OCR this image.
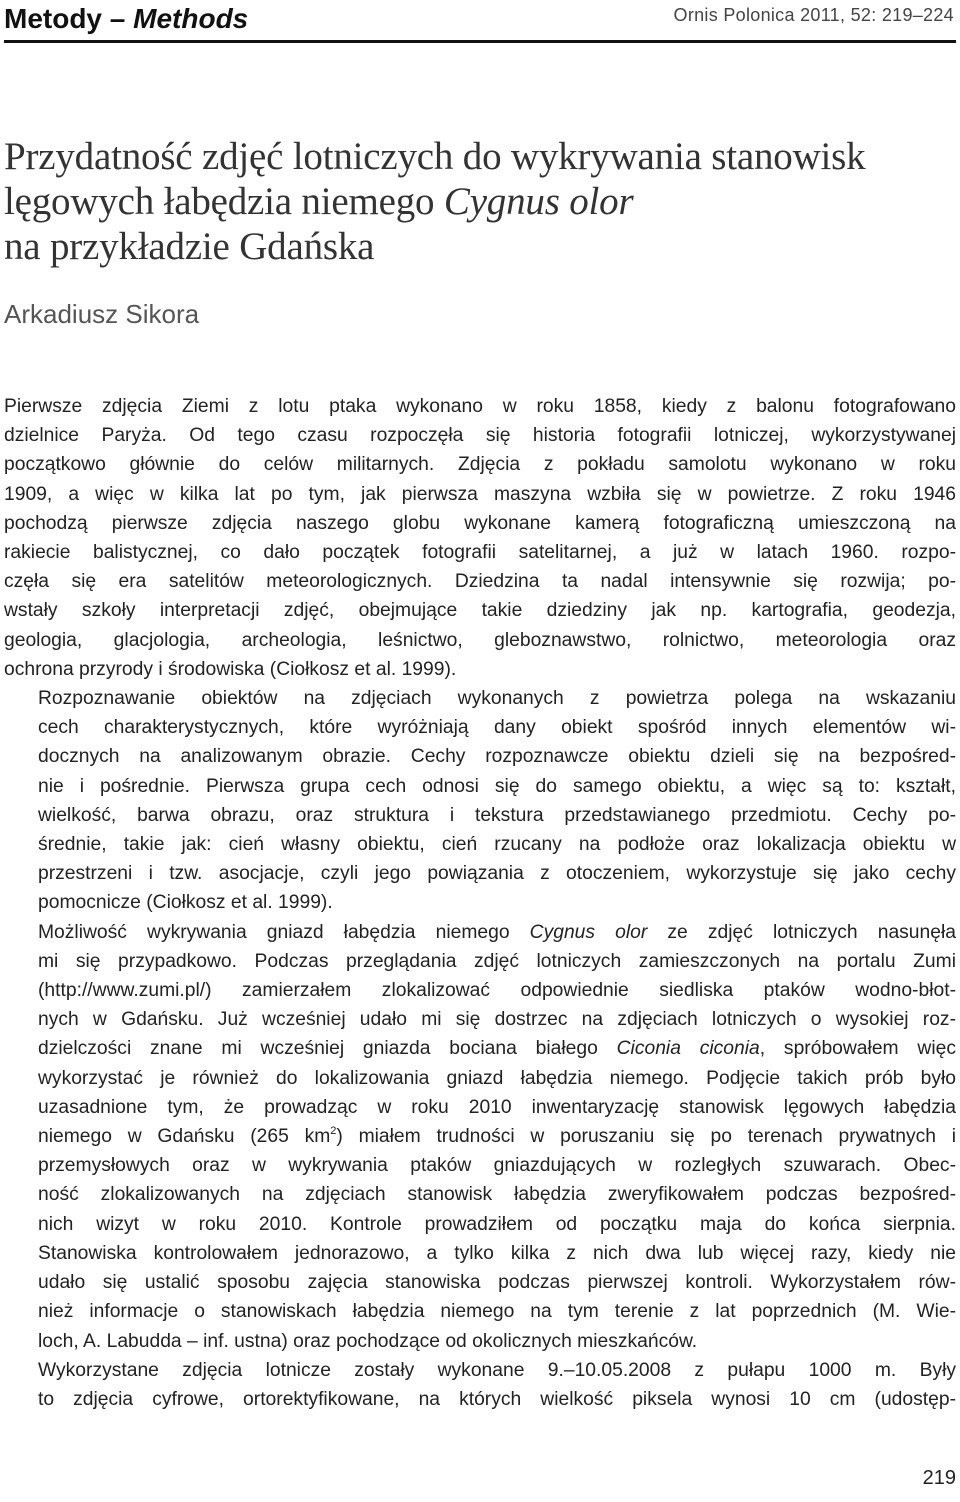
Metody – Methods	Ornis Polonica 2011, 52: 219–224
Przydatność zdjęć lotniczych do wykrywania stanowisk
lęgowych łabędzia niemego Cygnus olor
na przykładzie Gdańska
Arkadiusz Sikora

Pierwsze zdjęcia Ziemi z lotu ptaka wykonano w roku 1858, kiedy z balonu fotografowano
dzielnice Paryża. Od tego czasu rozpoczęła się historia fotografii lotniczej, wykorzystywanej
początkowo głównie do celów militarnych. Zdjęcia z pokładu samolotu wykonano w roku
1909, a więc w kilka lat po tym, jak pierwsza maszyna wzbiła się w powietrze. Z roku 1946
pochodzą pierwsze zdjęcia naszego globu wykonane kamerą fotograficzną umieszczoną na
rakiecie balistycznej, co dało początek fotografii satelitarnej, a już w latach 1960. rozpo-
częła się era satelitów meteorologicznych. Dziedzina ta nadal intensywnie się rozwija; po-
wstały szkoły interpretacji zdjęć, obejmujące takie dziedziny jak np. kartografia, geodezja,
geologia, glacjologia, archeologia, leśnictwo, gleboznawstwo, rolnictwo, meteorologia oraz
ochrona przyrody i środowiska (Ciołkosz et al. 1999).

Rozpoznawanie obiektów na zdjęciach wykonanych z powietrza polega na wskazaniu
cech charakterystycznych, które wyróżniają dany obiekt spośród innych elementów wi-
docznych na analizowanym obrazie. Cechy rozpoznawcze obiektu dzieli się na bezpośred-
nie i pośrednie. Pierwsza grupa cech odnosi się do samego obiektu, a więc są to: kształt,
wielkość, barwa obrazu, oraz struktura i tekstura przedstawianego przedmiotu. Cechy po-
średnie, takie jak: cień własny obiektu, cień rzucany na podłoże oraz lokalizacja obiektu w
przestrzeni i tzw. asocjacje, czyli jego powiązania z otoczeniem, wykorzystuje się jako cechy
pomocnicze (Ciołkosz et al. 1999).

Możliwość wykrywania gniazd łabędzia niemego Cygnus olor ze zdjęć lotniczych nasunęła
mi się przypadkowo. Podczas przeglądania zdjęć lotniczych zamieszczonych na portalu Zumi
(http://www.zumi.pl/) zamierzałem zlokalizować odpowiednie siedliska ptaków wodno-błot-
nych w Gdańsku. Już wcześniej udało mi się dostrzec na zdjęciach lotniczych o wysokiej roz-
dzielczości znane mi wcześniej gniazda bociana białego Ciconia ciconia, spróbowałem więc
wykorzystać je również do lokalizowania gniazd łabędzia niemego. Podjęcie takich prób było
uzasadnione tym, że prowadząc w roku 2010 inwentaryzację stanowisk lęgowych łabędzia
niemego w Gdańsku (265 $km^2$) miałem trudności w poruszaniu się po terenach prywatnych i
przemysłowych oraz w wykrywania ptaków gniazdujących w rozległych szuwarach. Obec-
ność zlokalizowanych na zdjęciach stanowisk łabędzia zweryfikowałem podczas bezpośred-
nich wizyt w roku 2010. Kontrole prowadziłem od początku maja do końca sierpnia.
Stanowiska kontrolowałem jednorazowo, a tylko kilka z nich dwa lub więcej razy, kiedy nie
udało się ustalić sposobu zajęcia stanowiska podczas pierwszej kontroli. Wykorzystałem rów-
nież informacje o stanowiskach łabędzia niemego na tym terenie z lat poprzednich (M. Wie-
loch, A. Labudda – inf. ustna) oraz pochodzące od okolicznych mieszkańców.

Wykorzystane zdjęcia lotnicze zostały wykonane 9.–10.05.2008 z pułapu 1000 m. Były
to zdjęcia cyfrowe, ortorektyfikowane, na których wielkość piksela wynosi 10 cm (udostęp-

219
